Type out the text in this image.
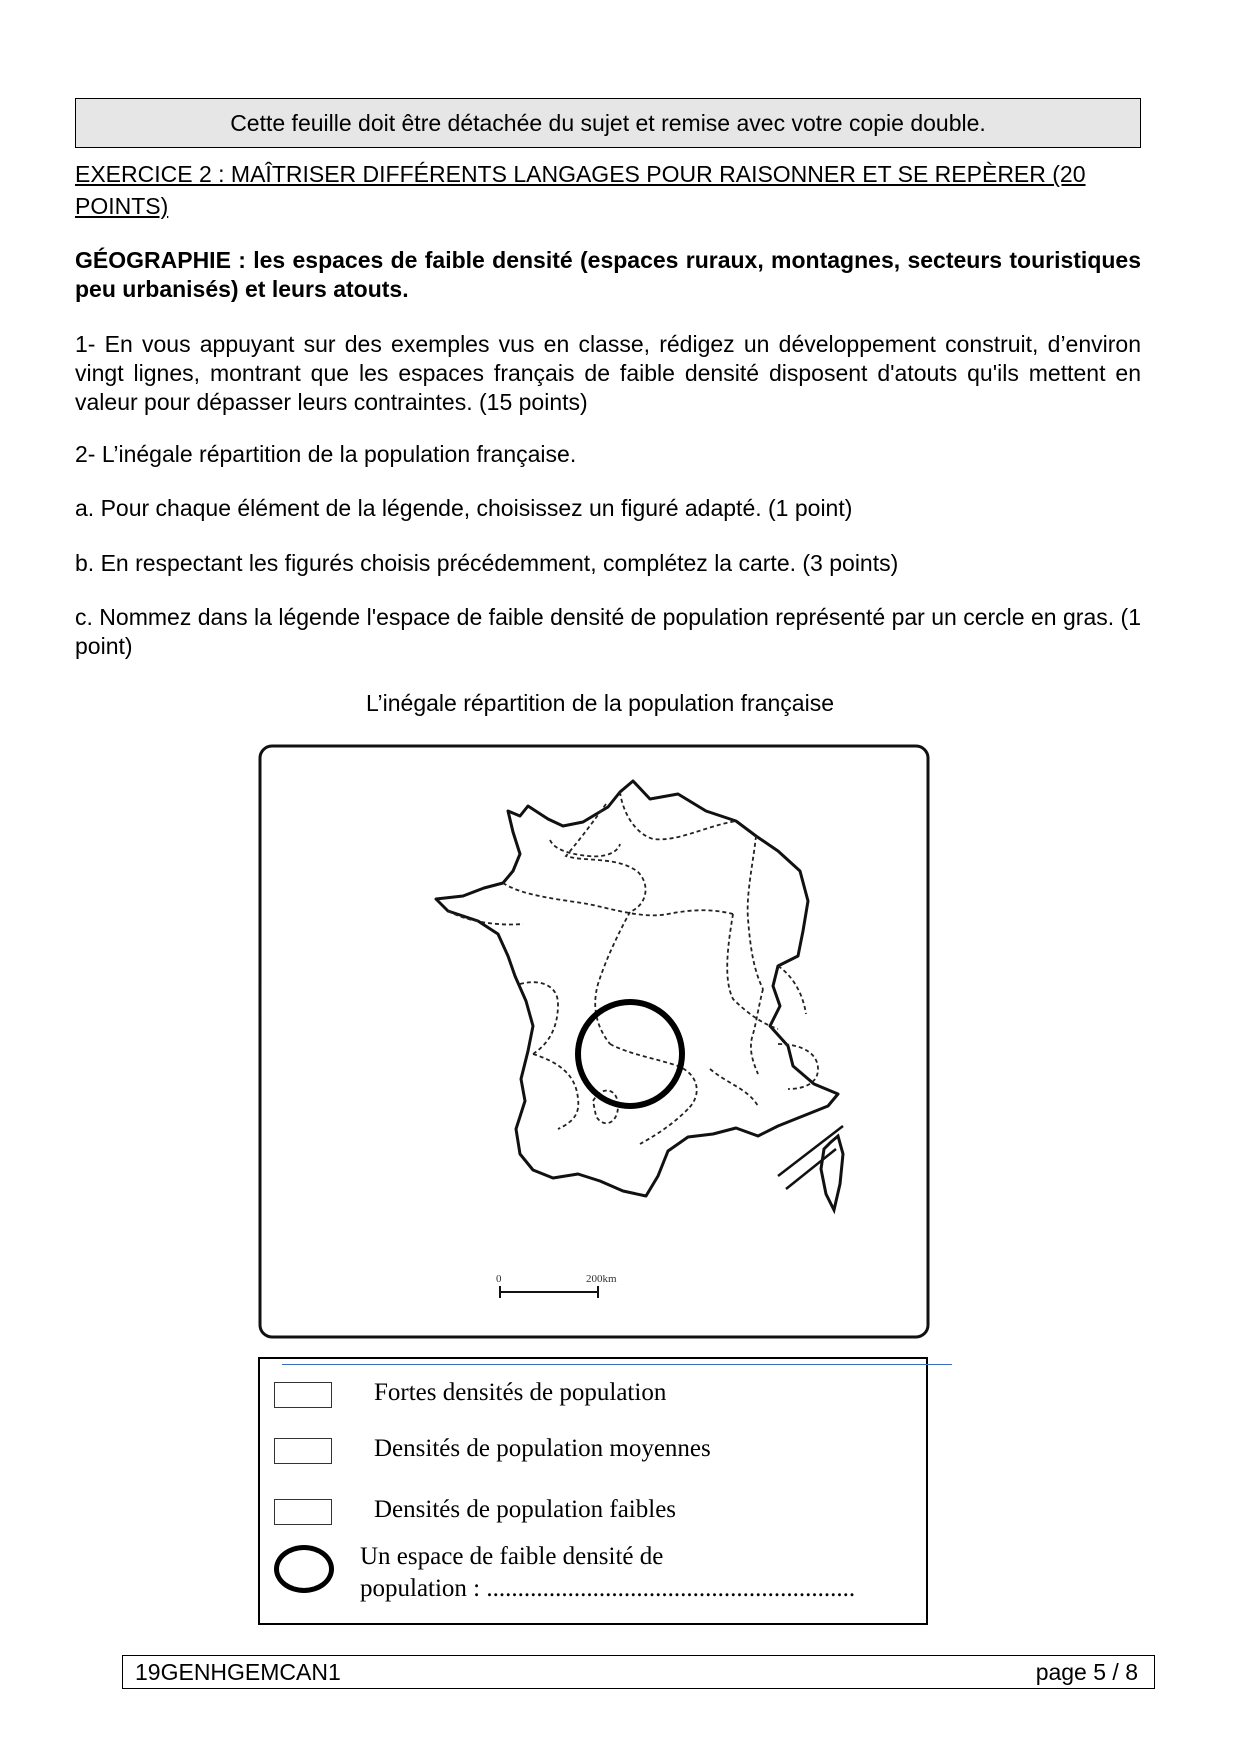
Cette feuille doit être détachée du sujet et remise avec votre copie double.
EXERCICE 2 : MAÎTRISER DIFFÉRENTS LANGAGES POUR RAISONNER ET SE REPÈRER (20 POINTS)
GÉOGRAPHIE : les espaces de faible densité (espaces ruraux, montagnes, secteurs touristiques peu urbanisés) et leurs atouts.
1- En vous appuyant sur des exemples vus en classe, rédigez un développement construit, d’environ vingt lignes, montrant que les espaces français de faible densité disposent d'atouts qu'ils mettent en valeur pour dépasser leurs contraintes. (15 points)
2- L’inégale répartition de la population française.
a. Pour chaque élément de la légende, choisissez un figuré adapté. (1 point)
b. En respectant les figurés choisis précédemment, complétez la carte. (3 points)
c. Nommez dans la légende l'espace de faible densité de population représenté par un cercle en gras. (1 point)
L’inégale répartition de la population française
0	200km
Fortes densités de population
Densités de population moyennes
Densités de population faibles
Un espace de faible densité de
population : ...........................................................
19GENHGEMCAN1	page 5 / 8
